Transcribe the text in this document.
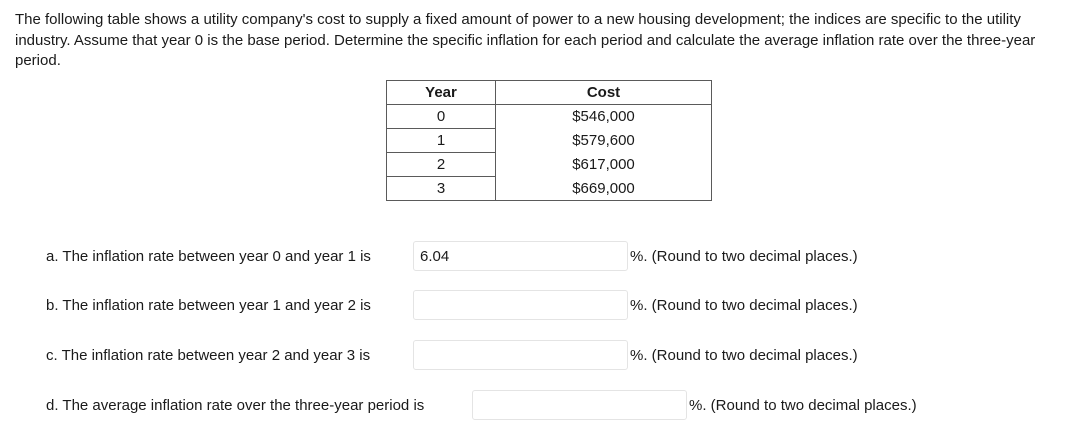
The following table shows a utility company's cost to supply a fixed amount of power to a new housing development; the indices are specific to the utility industry. Assume that year 0 is the base period. Determine the specific inflation for each period and calculate the average inflation rate over the three-year period.

Year	Cost
0	$546,000
1	$579,600
2	$617,000
3	$669,000
a. The inflation rate between year 0 and year 1 is
6.04	%. (Round to two decimal places.)
b. The inflation rate between year 1 and year 2 is	%. (Round to two decimal places.)
c. The inflation rate between year 2 and year 3 is	%. (Round to two decimal places.)
d. The average inflation rate over the three-year period is	%. (Round to two decimal places.)
